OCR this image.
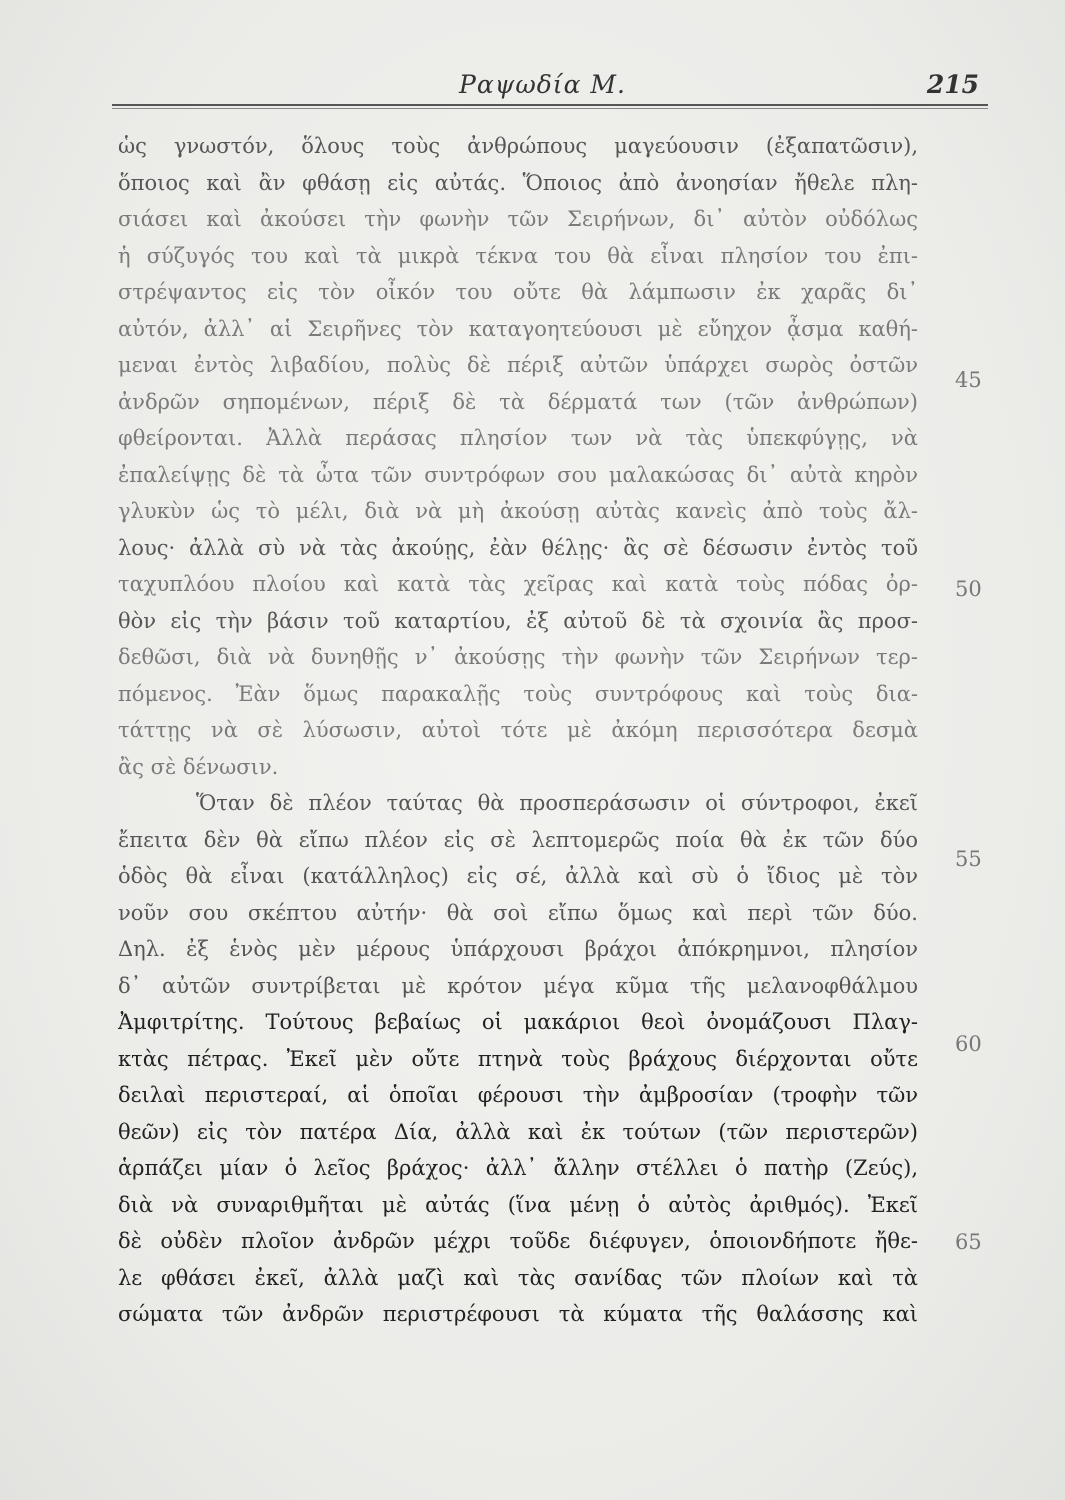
Ραψωδία Μ.	215
ὡς γνωστόν, ὅλους τοὺς ἀνθρώπους μαγεύουσιν (ἐξαπατῶσιν),
ὅποιος καὶ ἂν φθάσῃ εἰς αὐτάς. Ὅποιος ἀπὸ ἀνοησίαν ἤθελε πλη-
σιάσει καὶ ἀκούσει τὴν φωνὴν τῶν Σειρήνων, δι᾽ αὐτὸν οὐδόλως
ἡ σύζυγός του καὶ τὰ μικρὰ τέκνα του θὰ εἶναι πλησίον του ἐπι-
στρέψαντος εἰς τὸν οἶκόν του οὔτε θὰ λάμπωσιν ἐκ χαρᾶς δι᾽
αὐτόν, ἀλλ᾽ αἱ Σειρῆνες τὸν καταγοητεύουσι μὲ εὔηχον ᾆσμα καθή-
μεναι ἐντὸς λιβαδίου, πολὺς δὲ πέριξ αὐτῶν ὑπάρχει σωρὸς ὀστῶν
ἀνδρῶν σηπομένων, πέριξ δὲ τὰ δέρματά των (τῶν ἀνθρώπων)
φθείρονται. Ἀλλὰ περάσας πλησίον των νὰ τὰς ὑπεκφύγῃς, νὰ
ἐπαλείψῃς δὲ τὰ ὦτα τῶν συντρόφων σου μαλακώσας δι᾽ αὐτὰ κηρὸν
γλυκὺν ὡς τὸ μέλι, διὰ νὰ μὴ ἀκούσῃ αὐτὰς κανεὶς ἀπὸ τοὺς ἄλ-
λους· ἀλλὰ σὺ νὰ τὰς ἀκούῃς, ἐὰν θέλῃς· ἂς σὲ δέσωσιν ἐντὸς τοῦ
ταχυπλόου πλοίου καὶ κατὰ τὰς χεῖρας καὶ κατὰ τοὺς πόδας ὀρ-
θὸν εἰς τὴν βάσιν τοῦ καταρτίου, ἐξ αὐτοῦ δὲ τὰ σχοινία ἂς προσ-
δεθῶσι, διὰ νὰ δυνηθῇς ν᾽ ἀκούσῃς τὴν φωνὴν τῶν Σειρήνων τερ-
πόμενος. Ἐὰν ὅμως παρακαλῇς τοὺς συντρόφους καὶ τοὺς δια-
τάττῃς νὰ σὲ λύσωσιν, αὐτοὶ τότε μὲ ἀκόμη περισσότερα δεσμὰ
ἂς σὲ δένωσιν.
Ὅταν δὲ πλέον ταύτας θὰ προσπεράσωσιν οἱ σύντροφοι, ἐκεῖ
ἔπειτα δὲν θὰ εἴπω πλέον εἰς σὲ λεπτομερῶς ποία θὰ ἐκ τῶν δύο
ὁδὸς θὰ εἶναι (κατάλληλος) εἰς σέ, ἀλλὰ καὶ σὺ ὁ ἴδιος μὲ τὸν
νοῦν σου σκέπτου αὐτήν· θὰ σοὶ εἴπω ὅμως καὶ περὶ τῶν δύο.
Δηλ. ἐξ ἑνὸς μὲν μέρους ὑπάρχουσι βράχοι ἀπόκρημνοι, πλησίον
δ᾽ αὐτῶν συντρίβεται μὲ κρότον μέγα κῦμα τῆς μελανοφθάλμου
Ἀμφιτρίτης. Τούτους βεβαίως οἱ μακάριοι θεοὶ ὀνομάζουσι Πλαγ-
κτὰς πέτρας. Ἐκεῖ μὲν οὔτε πτηνὰ τοὺς βράχους διέρχονται οὔτε
δειλαὶ περιστεραί, αἱ ὁποῖαι φέρουσι τὴν ἀμβροσίαν (τροφὴν τῶν
θεῶν) εἰς τὸν πατέρα Δία, ἀλλὰ καὶ ἐκ τούτων (τῶν περιστερῶν)
ἁρπάζει μίαν ὁ λεῖος βράχος· ἀλλ᾽ ἄλλην στέλλει ὁ πατὴρ (Ζεύς),
διὰ νὰ συναριθμῆται μὲ αὐτάς (ἵνα μένῃ ὁ αὐτὸς ἀριθμός). Ἐκεῖ
δὲ οὐδὲν πλοῖον ἀνδρῶν μέχρι τοῦδε διέφυγεν, ὁποιονδήποτε ἤθε-
λε φθάσει ἐκεῖ, ἀλλὰ μαζὶ καὶ τὰς σανίδας τῶν πλοίων καὶ τὰ
σώματα τῶν ἀνδρῶν περιστρέφουσι τὰ κύματα τῆς θαλάσσης καὶ
45
50
55
60
65
